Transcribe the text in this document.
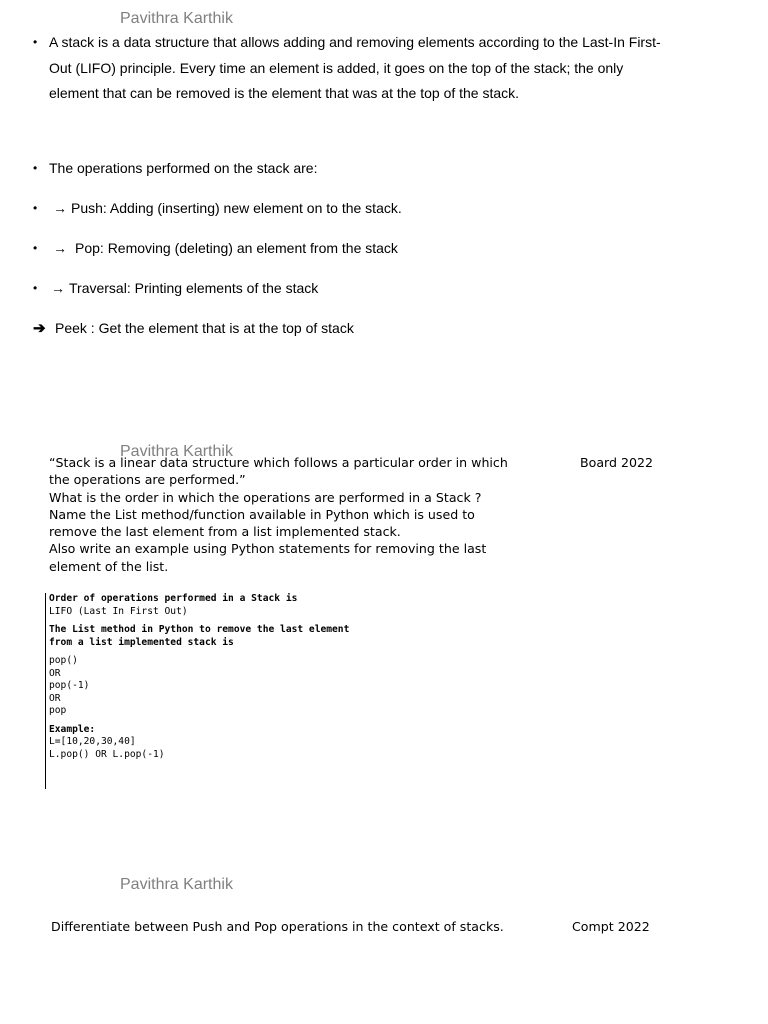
Pavithra Karthik
Pavithra Karthik
Pavithra Karthik
• A stack is a data structure that allows adding and removing elements according to the Last-In First-
Out (LIFO) principle. Every time an element is added, it goes on the top of the stack; the only
element that can be removed is the element that was at the top of the stack.
• The operations performed on the stack are:
•	→ Push: Adding (inserting) new element on to the stack.
•	→ Pop: Removing (deleting) an element from the stack
• → Traversal: Printing elements of the stack
➔ Peek : Get the element that is at the top of stack
“Stack is a linear data structure which follows a particular order in which
the operations are performed.”
What is the order in which the operations are performed in a Stack ?
Name the List method/function available in Python which is used to
remove the last element from a list implemented stack.
Also write an example using Python statements for removing the last
element of the list.
Board 2022
Order of operations performed in a Stack is
LIFO (Last In First Out)
The List method in Python to remove the last element
from a list implemented stack is
pop()
OR
pop(-1)
OR
pop
Example:
L=[10,20,30,40]
L.pop() OR L.pop(-1)
Differentiate between Push and Pop operations in the context of stacks.	Compt 2022
